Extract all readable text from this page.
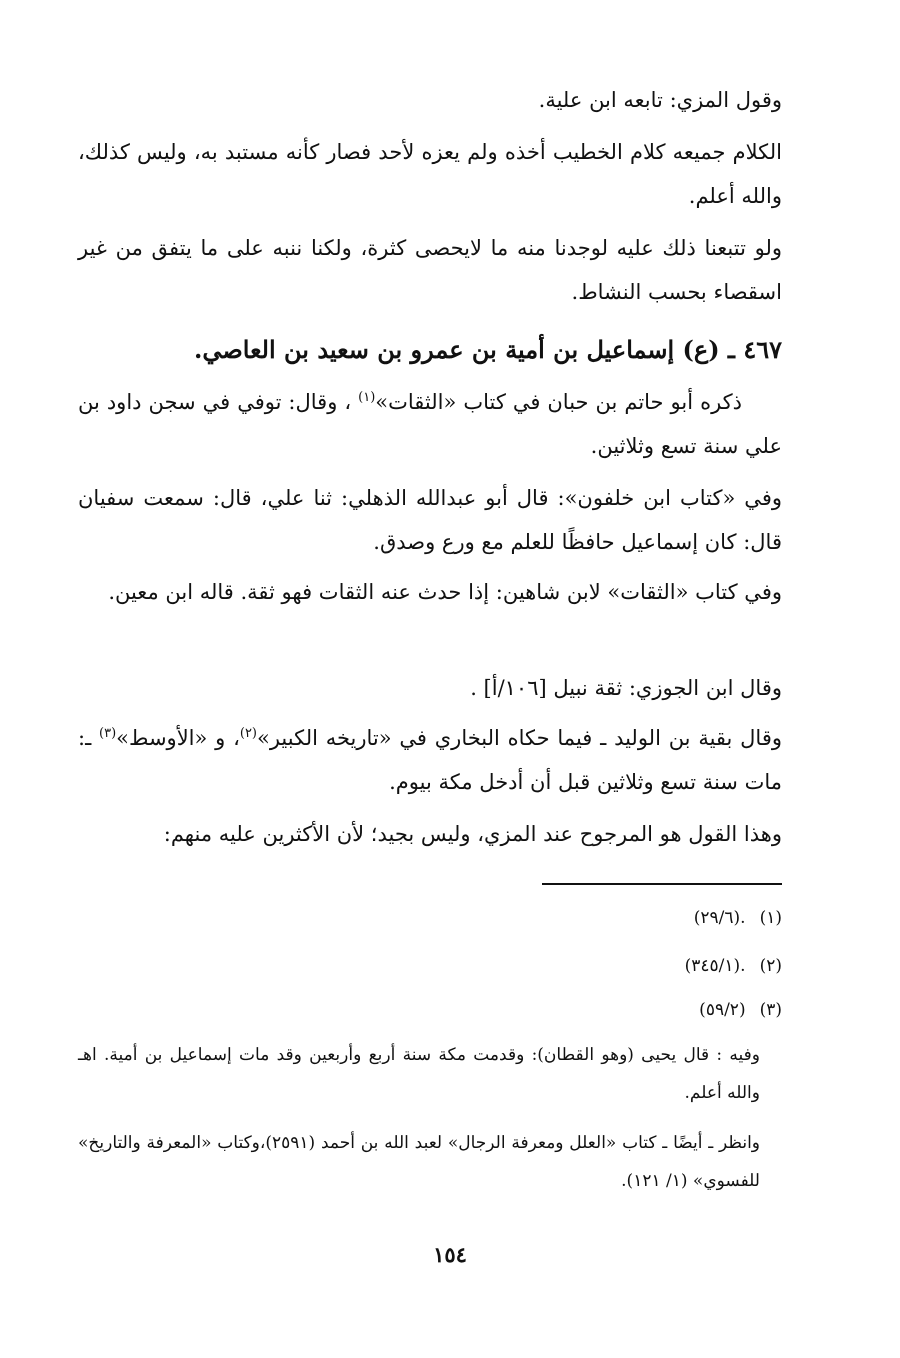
وقول المزي: تابعه ابن علية.

الكلام جميعه كلام الخطيب أخذه ولم يعزه لأحد فصار كأنه مستبد به، وليس كذلك، والله أعلم.

ولو تتبعنا ذلك عليه لوجدنا منه ما لايحصى كثرة، ولكنا ننبه على ما يتفق من غير اسقصاء بحسب النشاط.

٤٦٧ ـ (ع) إسماعيل بن أمية بن عمرو بن سعيد بن العاصي.

ذكره أبو حاتم بن حبان في كتاب «الثقات»$^{(١)}$ ، وقال: توفي في سجن داود بن علي سنة تسع وثلاثين.

وفي «كتاب ابن خلفون»: قال أبو عبدالله الذهلي: ثنا علي، قال: سمعت سفيان قال: كان إسماعيل حافظًا للعلم مع ورع وصدق.

وفي كتاب «الثقات» لابن شاهين: إذا حدث عنه الثقات فهو ثقة. قاله ابن معين.

وقال ابن الجوزي: ثقة نبيل [١٠٦/أ] .

وقال بقية بن الوليد ـ فيما حكاه البخاري في «تاريخه الكبير»$^{(٢)}$، و «الأوسط»$^{(٣)}$ ـ: مات سنة تسع وثلاثين قبل أن أدخل مكة بيوم.

وهذا القول هو المرجوح عند المزي، وليس بجيد؛ لأن الأكثرين عليه منهم:

(١).(٢٩/٦)

(٢).(٣٤٥/١)

(٣)(٥٩/٢)

وفيه : قال يحيى (وهو القطان): وقدمت مكة سنة أربع وأربعين وقد مات إسماعيل بن أمية. اهـ والله أعلم.

وانظر ـ أيضًا ـ كتاب «العلل ومعرفة الرجال» لعبد الله بن أحمد (٢٥٩١)،وكتاب «المعرفة والتاريخ» للفسوي» (١/ ١٢١).

١٥٤
